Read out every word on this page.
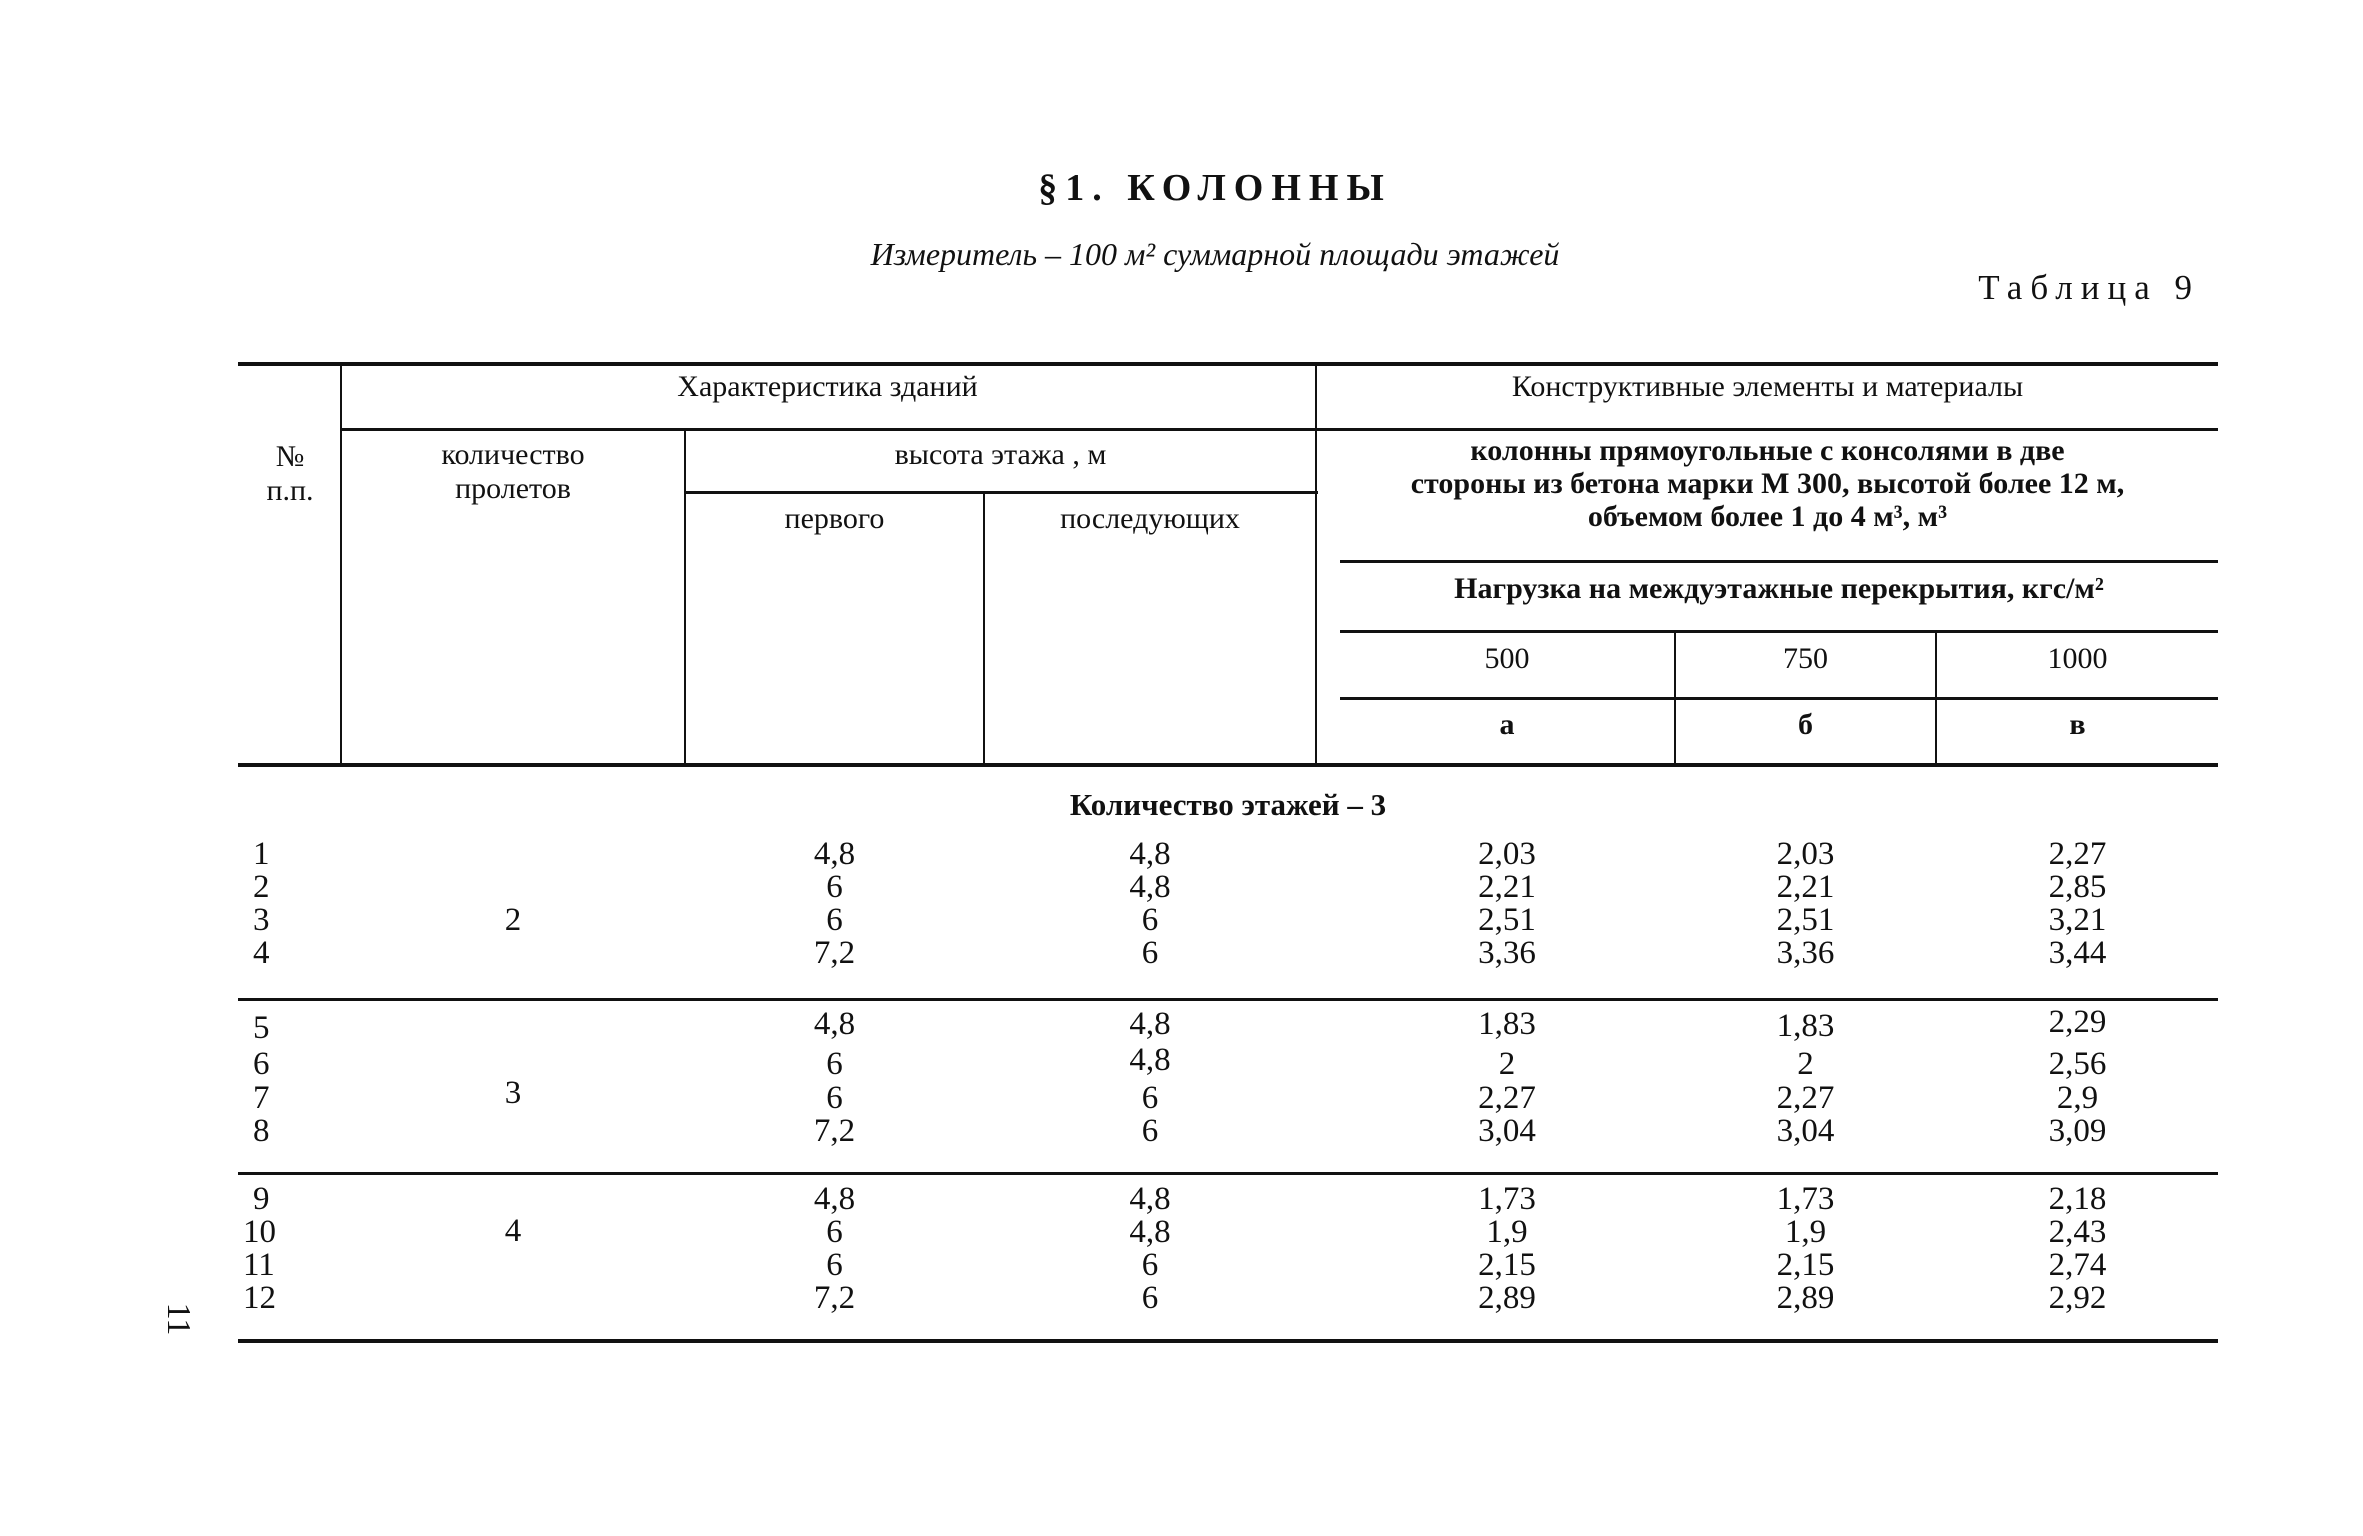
§1. КОЛОННЫ
Измеритель – 100 м² суммарной площади этажей
Таблица 9
11
№
п.п.
Характеристика зданий
количество
пролетов
высота этажа , м
первого	последующих
Конструктивные элементы и материалы
колонны прямоугольные с консолями в две
стороны из бетона марки М 300, высотой более 12 м,
объемом более 1 до 4 м³, м³
Нагрузка на междуэтажные перекрытия, кгс/м²
500	750	1000
а	б	в
Количество этажей – 3
2
1	4,8	4,8	2,03	2,03	2,27
2	6	4,8	2,21	2,21	2,85
3	6	6	2,51	2,51	3,21
4	7,2	6	3,36	3,36	3,44
3
5	4,8	4,8	1,83	1,83	2,29
6	6	4,8	2	2	2,56
7	6	6	2,27	2,27	2,9
8	7,2	6	3,04	3,04	3,09
4
9	4,8	4,8	1,73	1,73	2,18
10	6	4,8	1,9	1,9	2,43
11	6	6	2,15	2,15	2,74
12	7,2	6	2,89	2,89	2,92
